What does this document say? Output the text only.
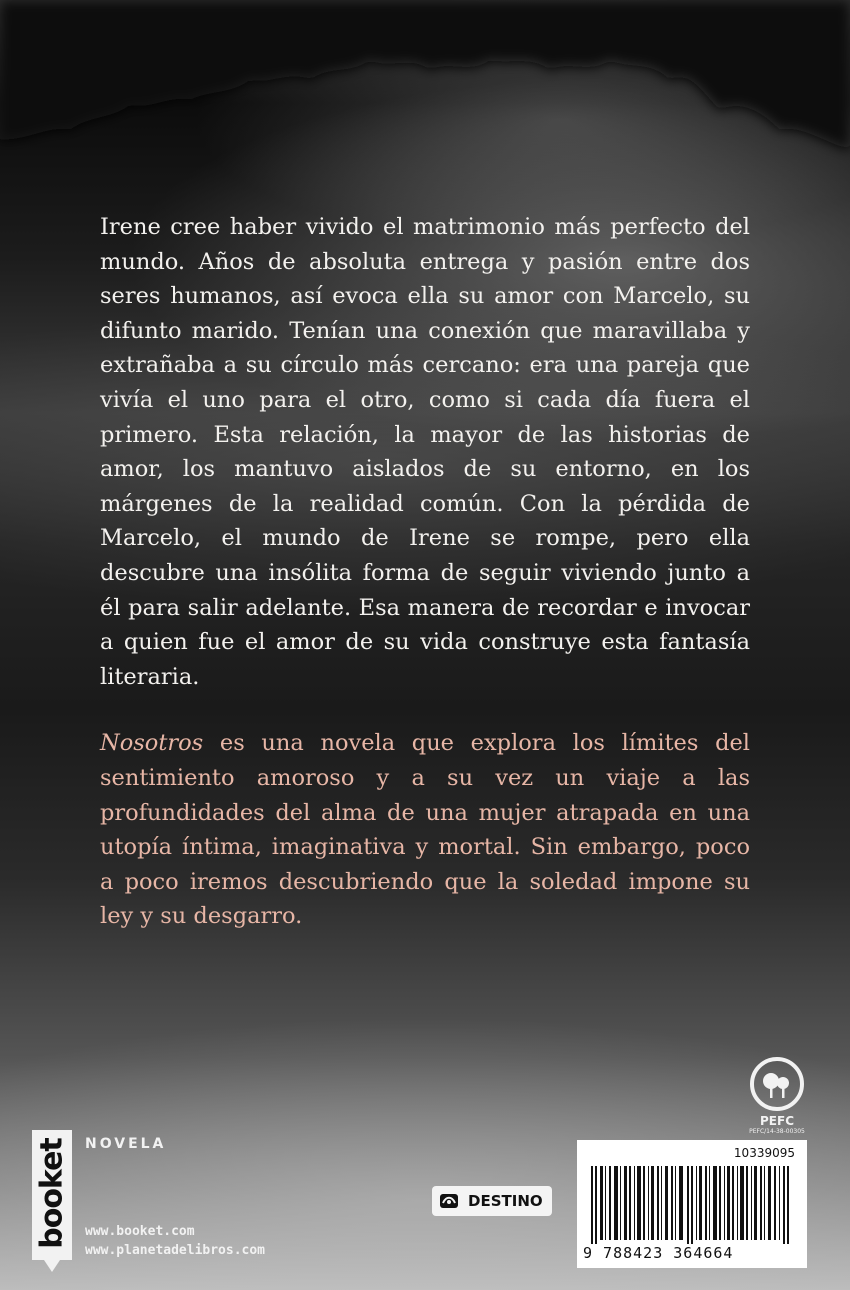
Irene cree haber vivido el matrimonio más perfecto del mundo. Años de absoluta entrega y pasión entre dos seres humanos, así evoca ella su amor con Marcelo, su difunto marido. Tenían una conexión que maravillaba y extrañaba a su círculo más cercano: era una pareja que vivía el uno para el otro, como si cada día fuera el primero. Esta relación, la mayor de las historias de amor, los mantuvo aislados de su entorno, en los márgenes de la realidad común. Con la pérdida de Marcelo, el mundo de Irene se rompe, pero ella descubre una insólita forma de seguir viviendo junto a él para salir adelante. Esa manera de recordar e invocar a quien fue el amor de su vida construye esta fantasía literaria.

Nosotros es una novela que explora los límites del sentimiento amoroso y a su vez un viaje a las profundidades del alma de una mujer atrapada en una utopía íntima, imaginativa y mortal. Sin embargo, poco a poco iremos descubriendo que la soledad impone su ley y su desgarro.

PEFC
PEFC/14-38-00305
booket NOVELA
www.booket.com
www.planetadelibros.com
DESTINO
10339095
9 788423 364664
